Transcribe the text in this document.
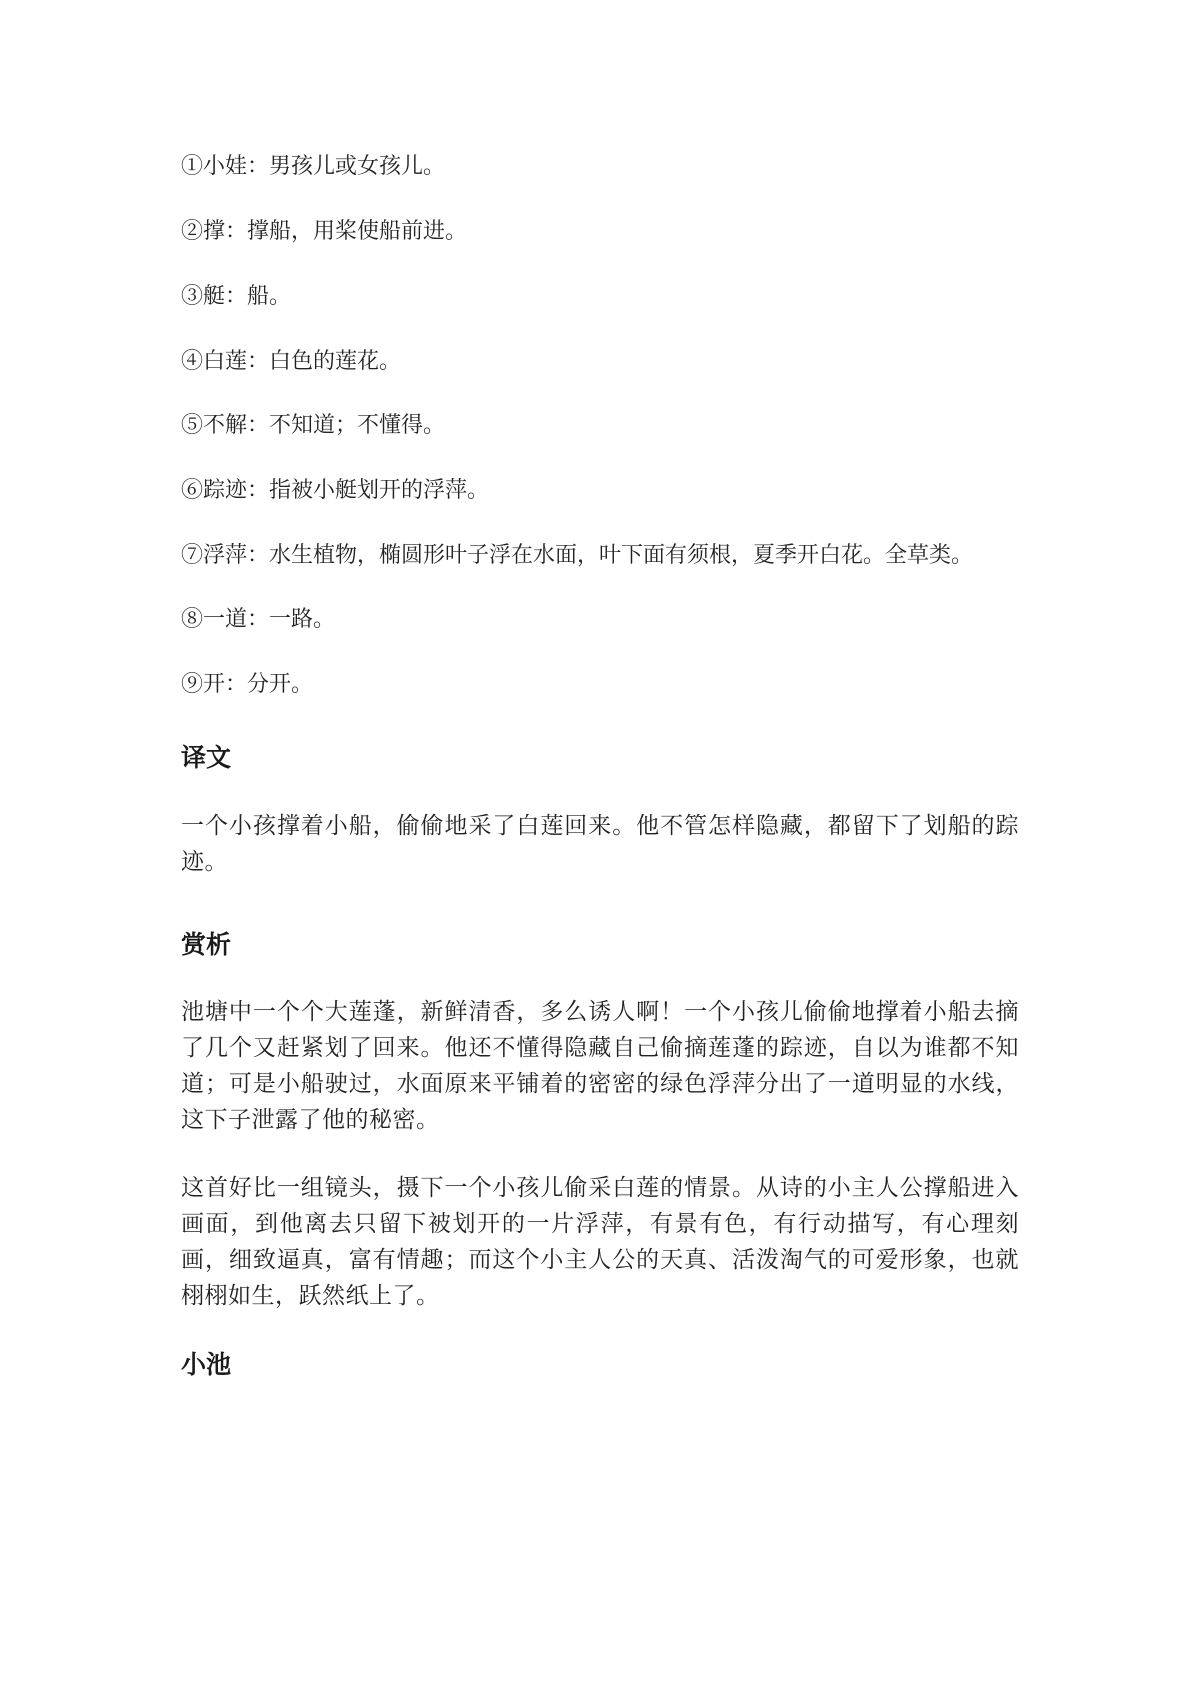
①小娃：男孩儿或女孩儿。
②撑：撑船，用桨使船前进。
③艇：船。
④白莲：白色的莲花。
⑤不解：不知道；不懂得。
⑥踪迹：指被小艇划开的浮萍。
⑦浮萍：水生植物，椭圆形叶子浮在水面，叶下面有须根，夏季开白花。全草类。
⑧一道：一路。
⑨开：分开。
译文
一个小孩撑着小船，偷偷地采了白莲回来。他不管怎样隐藏，都留下了划船的踪迹。
赏析
池塘中一个个大莲蓬，新鲜清香，多么诱人啊！一个小孩儿偷偷地撑着小船去摘了几个又赶紧划了回来。他还不懂得隐藏自己偷摘莲蓬的踪迹，自以为谁都不知道；可是小船驶过，水面原来平铺着的密密的绿色浮萍分出了一道明显的水线，这下子泄露了他的秘密。
这首好比一组镜头，摄下一个小孩儿偷采白莲的情景。从诗的小主人公撑船进入画面，到他离去只留下被划开的一片浮萍，有景有色，有行动描写，有心理刻画，细致逼真，富有情趣；而这个小主人公的天真、活泼淘气的可爱形象，也就栩栩如生，跃然纸上了。
小池
